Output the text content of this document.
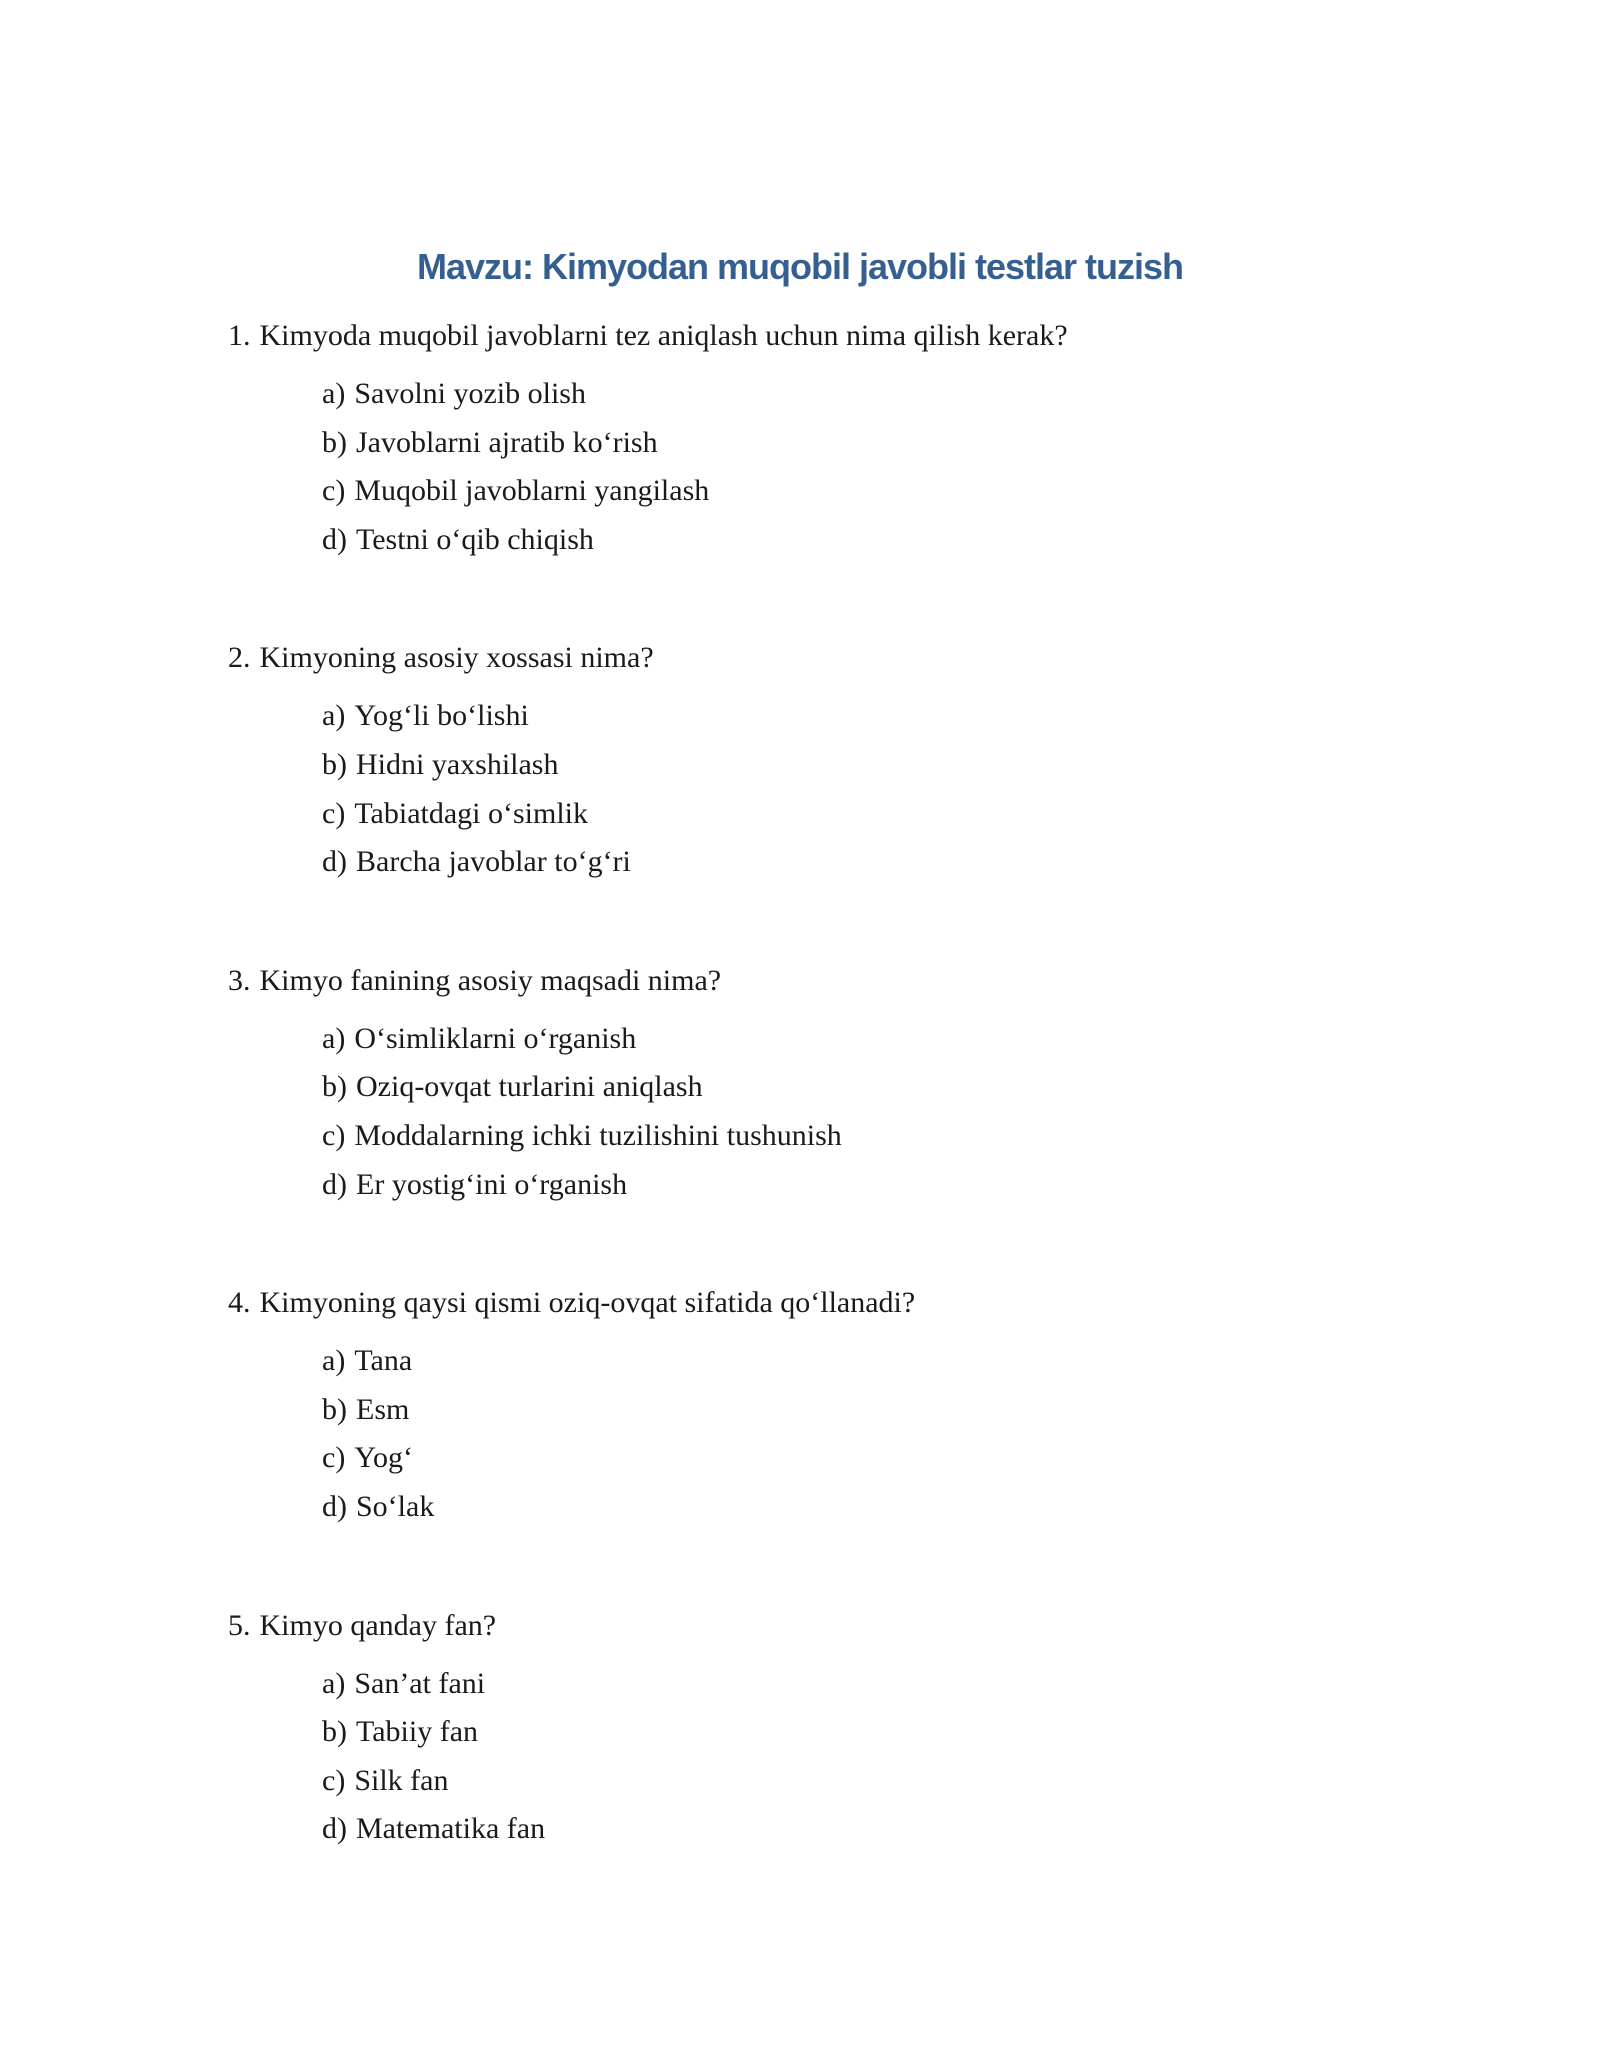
Mavzu: Kimyodan muqobil javobli testlar tuzish
1. Kimyoda muqobil javoblarni tez aniqlash uchun nima qilish kerak?
a) Savolni yozib olish
b) Javoblarni ajratib ko‘rish
c) Muqobil javoblarni yangilash
d) Testni o‘qib chiqish
2. Kimyoning asosiy xossasi nima?
a) Yog‘li bo‘lishi
b) Hidni yaxshilash
c) Tabiatdagi o‘simlik
d) Barcha javoblar to‘g‘ri
3. Kimyo fanining asosiy maqsadi nima?
a) O‘simliklarni o‘rganish
b) Oziq-ovqat turlarini aniqlash
c) Moddalarning ichki tuzilishini tushunish
d) Er yostig‘ini o‘rganish
4. Kimyoning qaysi qismi oziq-ovqat sifatida qo‘llanadi?
a) Tana
b) Esm
c) Yog‘
d) So‘lak
5. Kimyo qanday fan?
a) San’at fani
b) Tabiiy fan
c) Silk fan
d) Matematika fan
